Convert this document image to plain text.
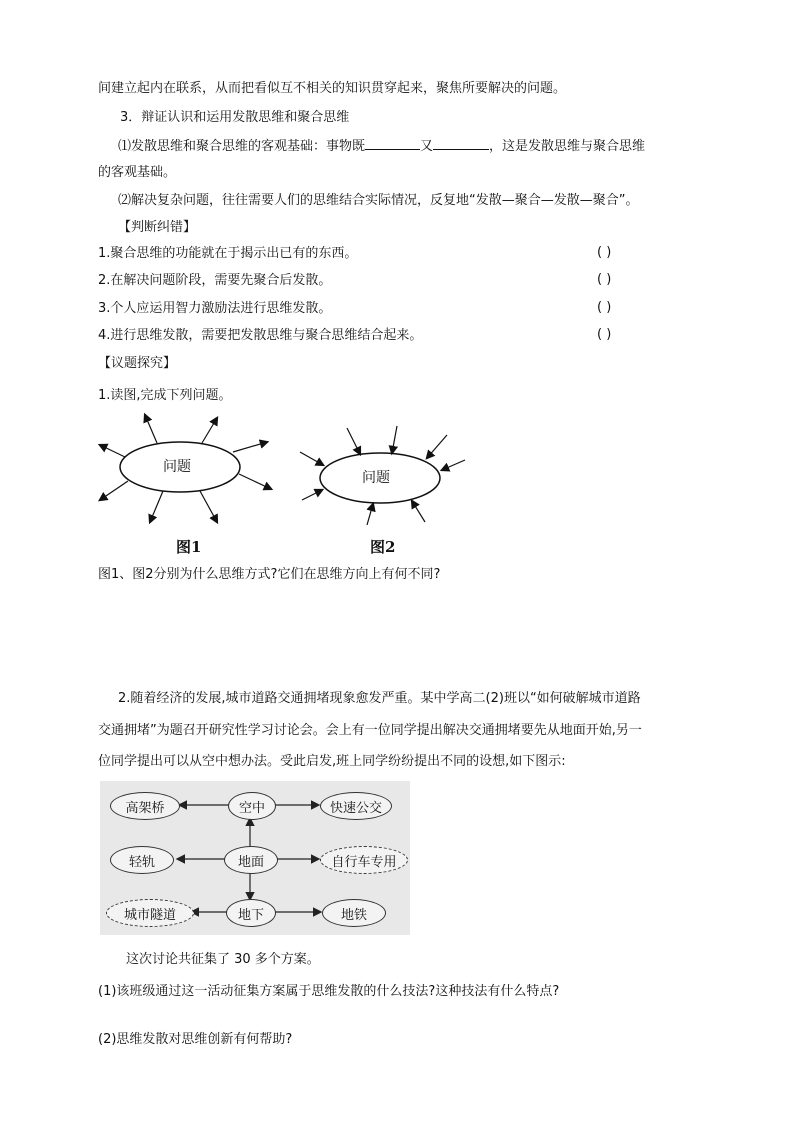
间建立起内在联系，从而把看似互不相关的知识贯穿起来，聚焦所要解决的问题。
3．辩证认识和运用发散思维和聚合思维
⑴发散思维和聚合思维的客观基础：事物既	又	，这是发散思维与聚合思维
的客观基础。
⑵解决复杂问题，往往需要人们的思维结合实际情况，反复地“发散—聚合—发散—聚合”。
【判断纠错】
1.聚合思维的功能就在于揭示出已有的东西。	( )
2.在解决问题阶段，需要先聚合后发散。	( )
3.个人应运用智力激励法进行思维发散。	( )
4.进行思维发散，需要把发散思维与聚合思维结合起来。	( )
【议题探究】
1.读图,完成下列问题。
问题
图1
问题
图2
图1、图2分别为什么思维方式?它们在思维方向上有何不同?
2.随着经济的发展,城市道路交通拥堵现象愈发严重。某中学高二(2)班以“如何破解城市道路
交通拥堵”为题召开研究性学习讨论会。会上有一位同学提出解决交通拥堵要先从地面开始,另一
位同学提出可以从空中想办法。受此启发,班上同学纷纷提出不同的设想,如下图示:
高架桥	空中	快速公交
轻轨	地面	自行车专用
城市隧道	地下	地铁
这次讨论共征集了 30 多个方案。
(1)该班级通过这一活动征集方案属于思维发散的什么技法?这种技法有什么特点?
(2)思维发散对思维创新有何帮助?
